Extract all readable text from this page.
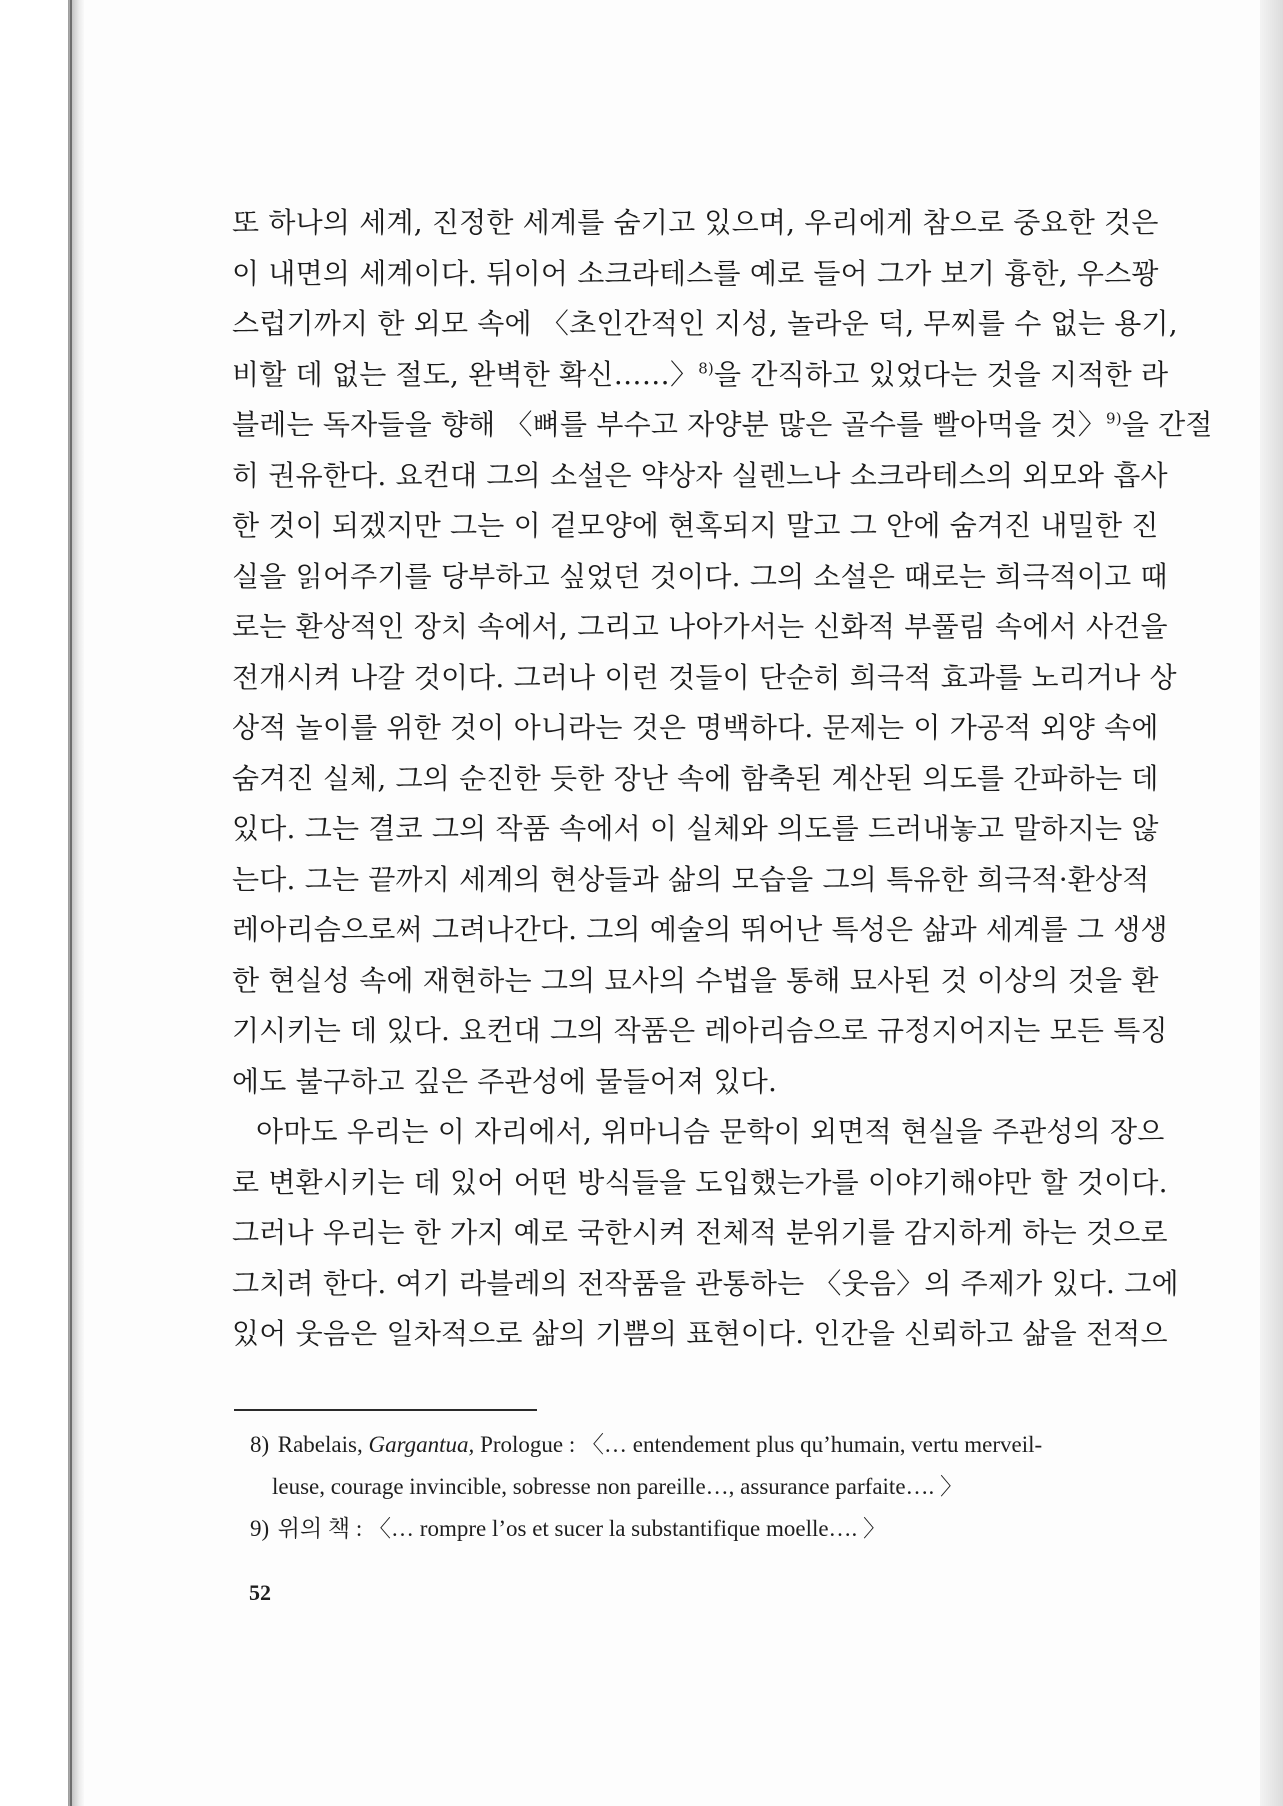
또 하나의 세계, 진정한 세계를 숨기고 있으며, 우리에게 참으로 중요한 것은
이 내면의 세계이다. 뒤이어 소크라테스를 예로 들어 그가 보기 흉한, 우스꽝
스럽기까지 한 외모 속에 〈초인간적인 지성, 놀라운 덕, 무찌를 수 없는 용기,
비할 데 없는 절도, 완벽한 확신……〉$^{8)}$을 간직하고 있었다는 것을 지적한 라
블레는 독자들을 향해 〈뼈를 부수고 자양분 많은 골수를 빨아먹을 것〉$^{9)}$을 간절
히 권유한다. 요컨대 그의 소설은 약상자 실렌느나 소크라테스의 외모와 흡사
한 것이 되겠지만 그는 이 겉모양에 현혹되지 말고 그 안에 숨겨진 내밀한 진
실을 읽어주기를 당부하고 싶었던 것이다. 그의 소설은 때로는 희극적이고 때
로는 환상적인 장치 속에서, 그리고 나아가서는 신화적 부풀림 속에서 사건을
전개시켜 나갈 것이다. 그러나 이런 것들이 단순히 희극적 효과를 노리거나 상
상적 놀이를 위한 것이 아니라는 것은 명백하다. 문제는 이 가공적 외양 속에
숨겨진 실체, 그의 순진한 듯한 장난 속에 함축된 계산된 의도를 간파하는 데
있다. 그는 결코 그의 작품 속에서 이 실체와 의도를 드러내놓고 말하지는 않
는다. 그는 끝까지 세계의 현상들과 삶의 모습을 그의 특유한 희극적·환상적
레아리슴으로써 그려나간다. 그의 예술의 뛰어난 특성은 삶과 세계를 그 생생
한 현실성 속에 재현하는 그의 묘사의 수법을 통해 묘사된 것 이상의 것을 환
기시키는 데 있다. 요컨대 그의 작품은 레아리슴으로 규정지어지는 모든 특징
에도 불구하고 깊은 주관성에 물들어져 있다.
아마도 우리는 이 자리에서, 위마니슴 문학이 외면적 현실을 주관성의 장으
로 변환시키는 데 있어 어떤 방식들을 도입했는가를 이야기해야만 할 것이다.
그러나 우리는 한 가지 예로 국한시켜 전체적 분위기를 감지하게 하는 것으로
그치려 한다. 여기 라블레의 전작품을 관통하는 〈웃음〉의 주제가 있다. 그에
있어 웃음은 일차적으로 삶의 기쁨의 표현이다. 인간을 신뢰하고 삶을 전적으
8) Rabelais, Gargantua, Prologue : 〈… entendement plus qu’humain, vertu merveil-
leuse, courage invincible, sobresse non pareille…, assurance parfaite…. 〉
9) 위의 책 : 〈… rompre l’os et sucer la substantifique moelle…. 〉
52
